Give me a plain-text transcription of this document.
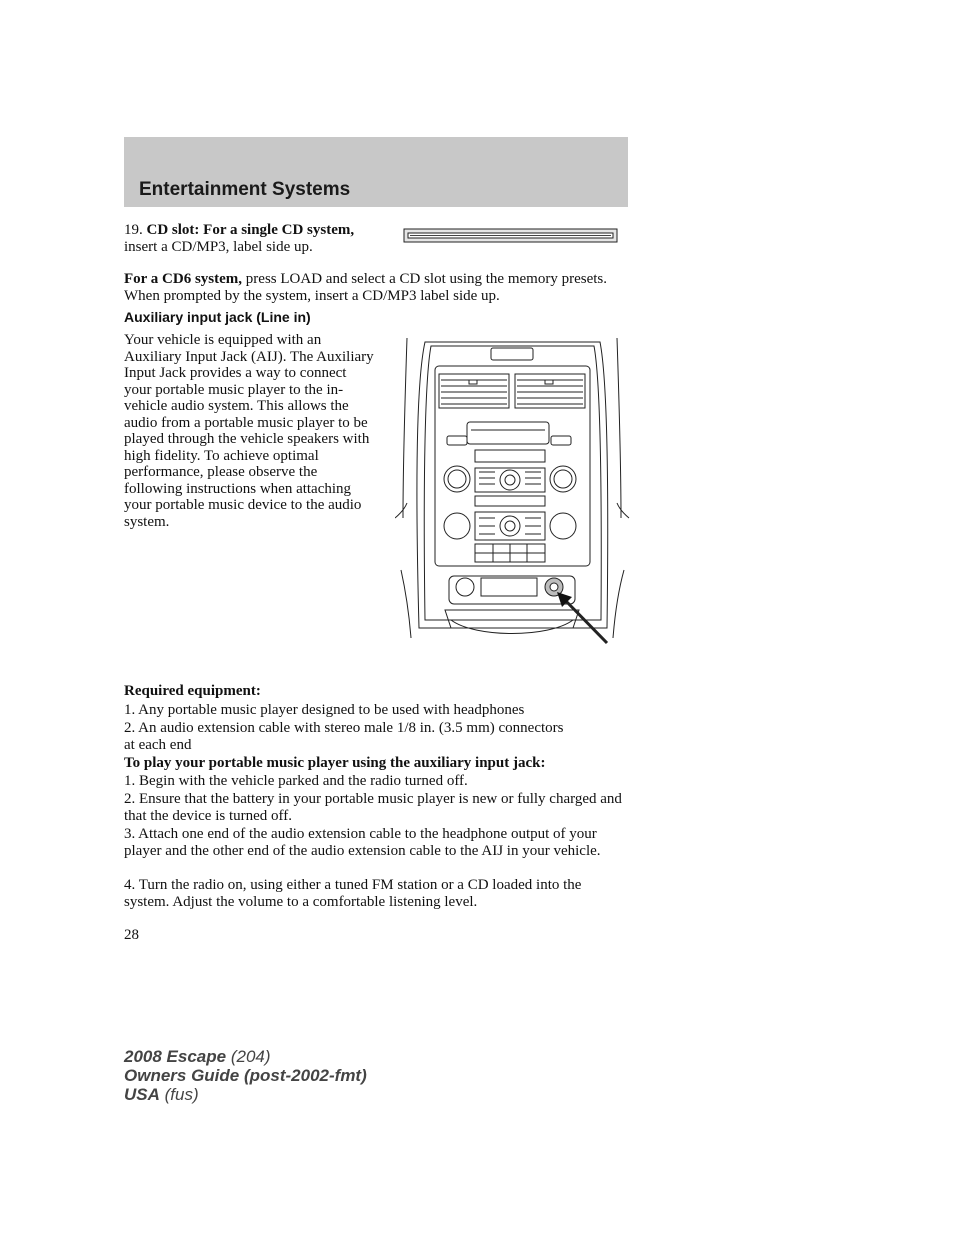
Entertainment Systems
19. CD slot: For a single CD system, insert a CD/MP3, label side up.
For a CD6 system, press LOAD and select a CD slot using the memory presets. When prompted by the system, insert a CD/MP3 label side up.
Auxiliary input jack (Line in)

Your vehicle is equipped with an Auxiliary Input Jack (AIJ). The Auxiliary Input Jack provides a way to connect your portable music player to the in-vehicle audio system. This allows the audio from a portable music player to be played through the vehicle speakers with high fidelity. To achieve optimal performance, please observe the following instructions when attaching your portable music device to the audio system.

Required equipment:

1. Any portable music player designed to be used with headphones

2. An audio extension cable with stereo male 1/8 in. (3.5 mm) connectors at each end

To play your portable music player using the auxiliary input jack:

1. Begin with the vehicle parked and the radio turned off.

2. Ensure that the battery in your portable music player is new or fully charged and that the device is turned off.

3. Attach one end of the audio extension cable to the headphone output of your player and the other end of the audio extension cable to the AIJ in your vehicle.

4. Turn the radio on, using either a tuned FM station or a CD loaded into the system. Adjust the volume to a comfortable listening level.

28
2008 Escape (204)
Owners Guide (post-2002-fmt)
USA (fus)
